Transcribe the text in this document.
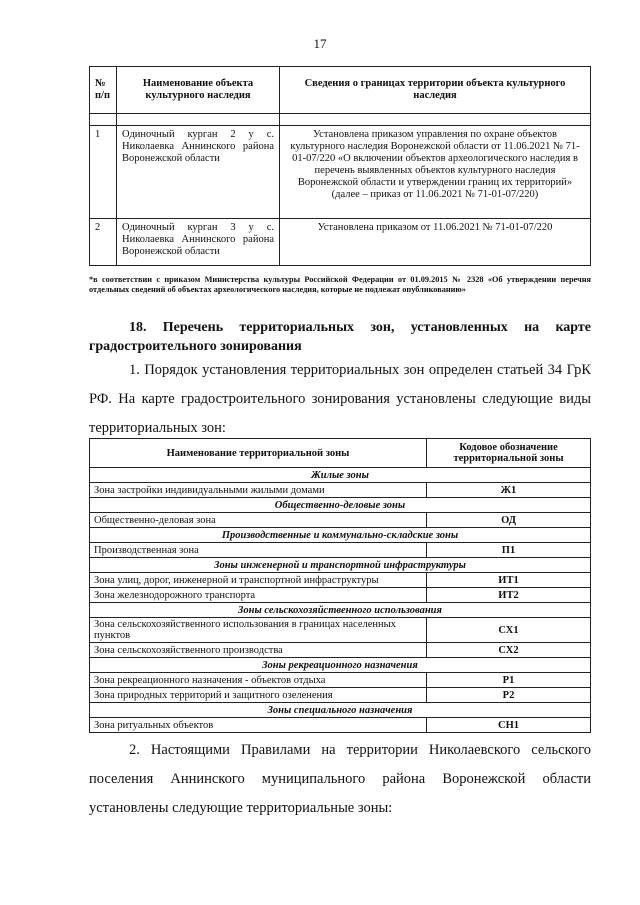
17
№ п/п	Наименование объекта культурного наследия	Сведения о границах территории объекта культурного наследия

1	Одиночный курган 2 у с. Николаевка Аннинского района Воронежской области	Установлена приказом управления по охране объектов культурного наследия Воронежской области от 11.06.2021 № 71-01-07/220 «О включении объектов археологического наследия в перечень выявленных объектов культурного наследия Воронежской области и утверждении границ их территорий» (далее – приказ от 11.06.2021 № 71-01-07/220)
2	Одиночный курган 3 у с. Николаевка Аннинского района Воронежской области	Установлена приказом от 11.06.2021 № 71-01-07/220
*в соответствии с приказом Министерства культуры Российской Федерации от 01.09.2015 № 2328 «Об утверждении перечня отдельных сведений об объектах археологического наследия, которые не подлежат опубликованию»
18. Перечень территориальных зон, установленных на карте градостроительного зонирования
1. Порядок установления территориальных зон определен статьей 34 ГрК РФ. На карте градостроительного зонирования установлены следующие виды территориальных зон:
Наименование территориальной зоны	Кодовое обозначение территориальной зоны
Жилые зоны	
Зона застройки индивидуальными жилыми домами	Ж1
Общественно-деловые зоны	
Общественно-деловая зона	ОД
Производственные и коммунально-складские зоны	
Производственная зона	П1
Зоны инженерной и транспортной инфраструктуры	
Зона улиц, дорог, инженерной и транспортной инфраструктуры	ИТ1
Зона железнодорожного транспорта	ИТ2
Зоны сельскохозяйственного использования	
Зона сельскохозяйственного использования в границах населенных пунктов	СХ1
Зона сельскохозяйственного производства	СХ2
Зоны рекреационного назначения	
Зона рекреационного назначения - объектов отдыха	Р1
Зона природных территорий и защитного озеленения	Р2
Зоны специального назначения	
Зона ритуальных объектов	СН1
2. Настоящими Правилами на территории Николаевского сельского поселения Аннинского муниципального района Воронежской области установлены следующие территориальные зоны:
